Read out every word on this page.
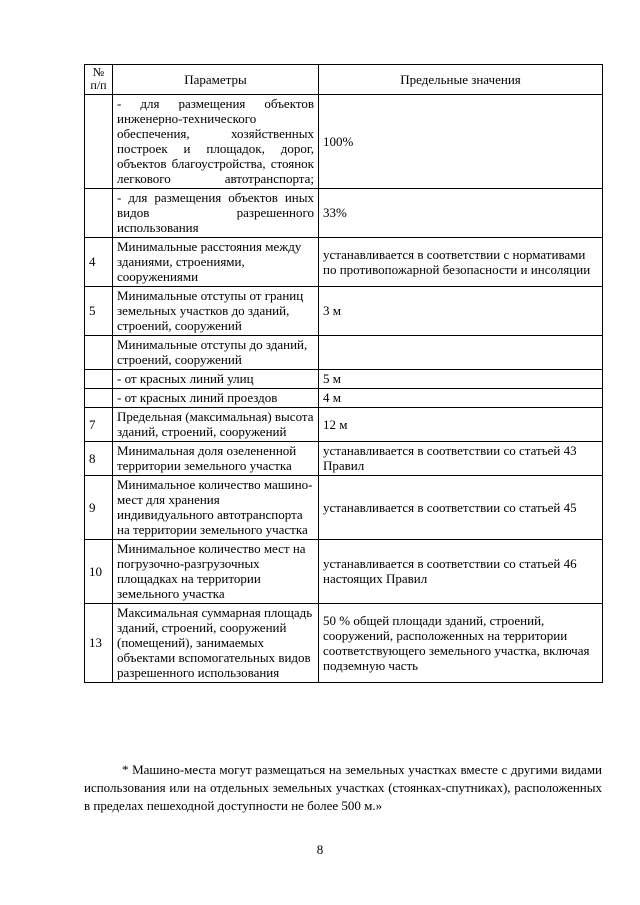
№ п/п	Параметры	Предельные значения
	- для размещения объектов инженерно-технического обеспечения, хозяйственных построек и площадок, дорог, объектов благоустройства, стоянок легкового автотранспорта;	100%
	- для размещения объектов иных видов разрешенного использования	33%
4	Минимальные расстояния между зданиями, строениями, сооружениями	устанавливается в соответствии с нормативами по противопожарной безопасности и инсоляции
5	Минимальные отступы от границ земельных участков до зданий, строений, сооружений	3 м
	Минимальные отступы до зданий, строений, сооружений	
	- от красных линий улиц	5 м
	- от красных линий проездов	4 м
7	Предельная (максимальная) высота зданий, строений, сооружений	12 м
8	Минимальная доля озелененной территории земельного участка	устанавливается в соответствии со статьей 43 Правил
9	Минимальное количество машино-мест для хранения индивидуального автотранспорта на территории земельного участка	устанавливается в соответствии со статьей 45
10	Минимальное количество мест на погрузочно-разгрузочных площадках на территории земельного участка	устанавливается в соответствии со статьей 46 настоящих Правил
13	Максимальная суммарная площадь зданий, строений, сооружений (помещений), занимаемых объектами вспомогательных видов разрешенного использования	50 % общей площади зданий, строений, сооружений, расположенных на территории соответствующего земельного участка, включая подземную часть

* Машино-места могут размещаться на земельных участках вместе с другими видами использования или на отдельных земельных участках (стоянках-спутниках), расположенных в пределах пешеходной доступности не более 500 м.»

8
